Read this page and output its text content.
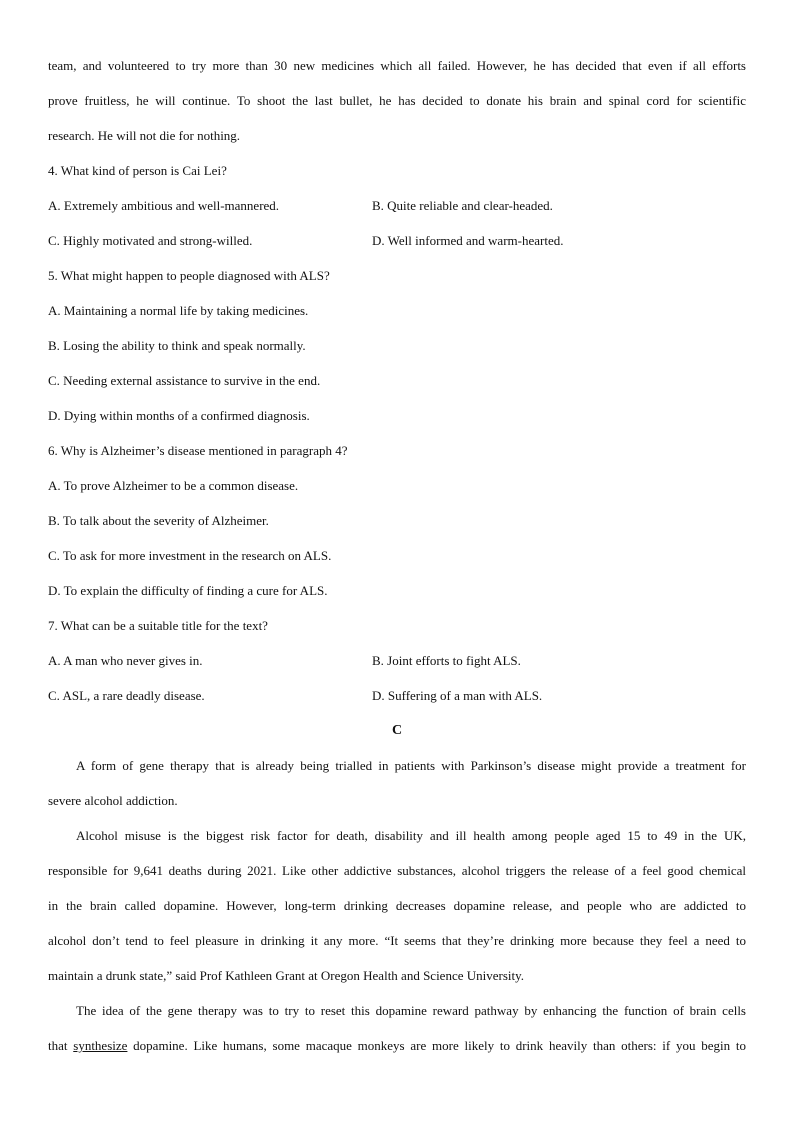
team, and volunteered to try more than 30 new medicines which all failed. However, he has decided that even if all efforts
prove fruitless, he will continue. To shoot the last bullet, he has decided to donate his brain and spinal cord for scientific
research. He will not die for nothing.
4. What kind of person is Cai Lei?
A. Extremely ambitious and well-mannered.	B. Quite reliable and clear-headed.
C. Highly motivated and strong-willed.	D. Well informed and warm-hearted.
5. What might happen to people diagnosed with ALS?
A. Maintaining a normal life by taking medicines.
B. Losing the ability to think and speak normally.
C. Needing external assistance to survive in the end.
D. Dying within months of a confirmed diagnosis.
6. Why is Alzheimer’s disease mentioned in paragraph 4?
A. To prove Alzheimer to be a common disease.
B. To talk about the severity of Alzheimer.
C. To ask for more investment in the research on ALS.
D. To explain the difficulty of finding a cure for ALS.
7. What can be a suitable title for the text?
A. A man who never gives in.	B. Joint efforts to fight ALS.
C. ASL, a rare deadly disease.	D. Suffering of a man with ALS.
C
A form of gene therapy that is already being trialled in patients with Parkinson’s disease might provide a treatment for
severe alcohol addiction.
Alcohol misuse is the biggest risk factor for death, disability and ill health among people aged 15 to 49 in the UK,
responsible for 9,641 deaths during 2021. Like other addictive substances, alcohol triggers the release of a feel good chemical
in the brain called dopamine. However, long-term drinking decreases dopamine release, and people who are addicted to
alcohol don’t tend to feel pleasure in drinking it any more. “It seems that they’re drinking more because they feel a need to
maintain a drunk state,” said Prof Kathleen Grant at Oregon Health and Science University.
The idea of the gene therapy was to try to reset this dopamine reward pathway by enhancing the function of brain cells
that synthesize dopamine. Like humans, some macaque monkeys are more likely to drink heavily than others: if you begin to
